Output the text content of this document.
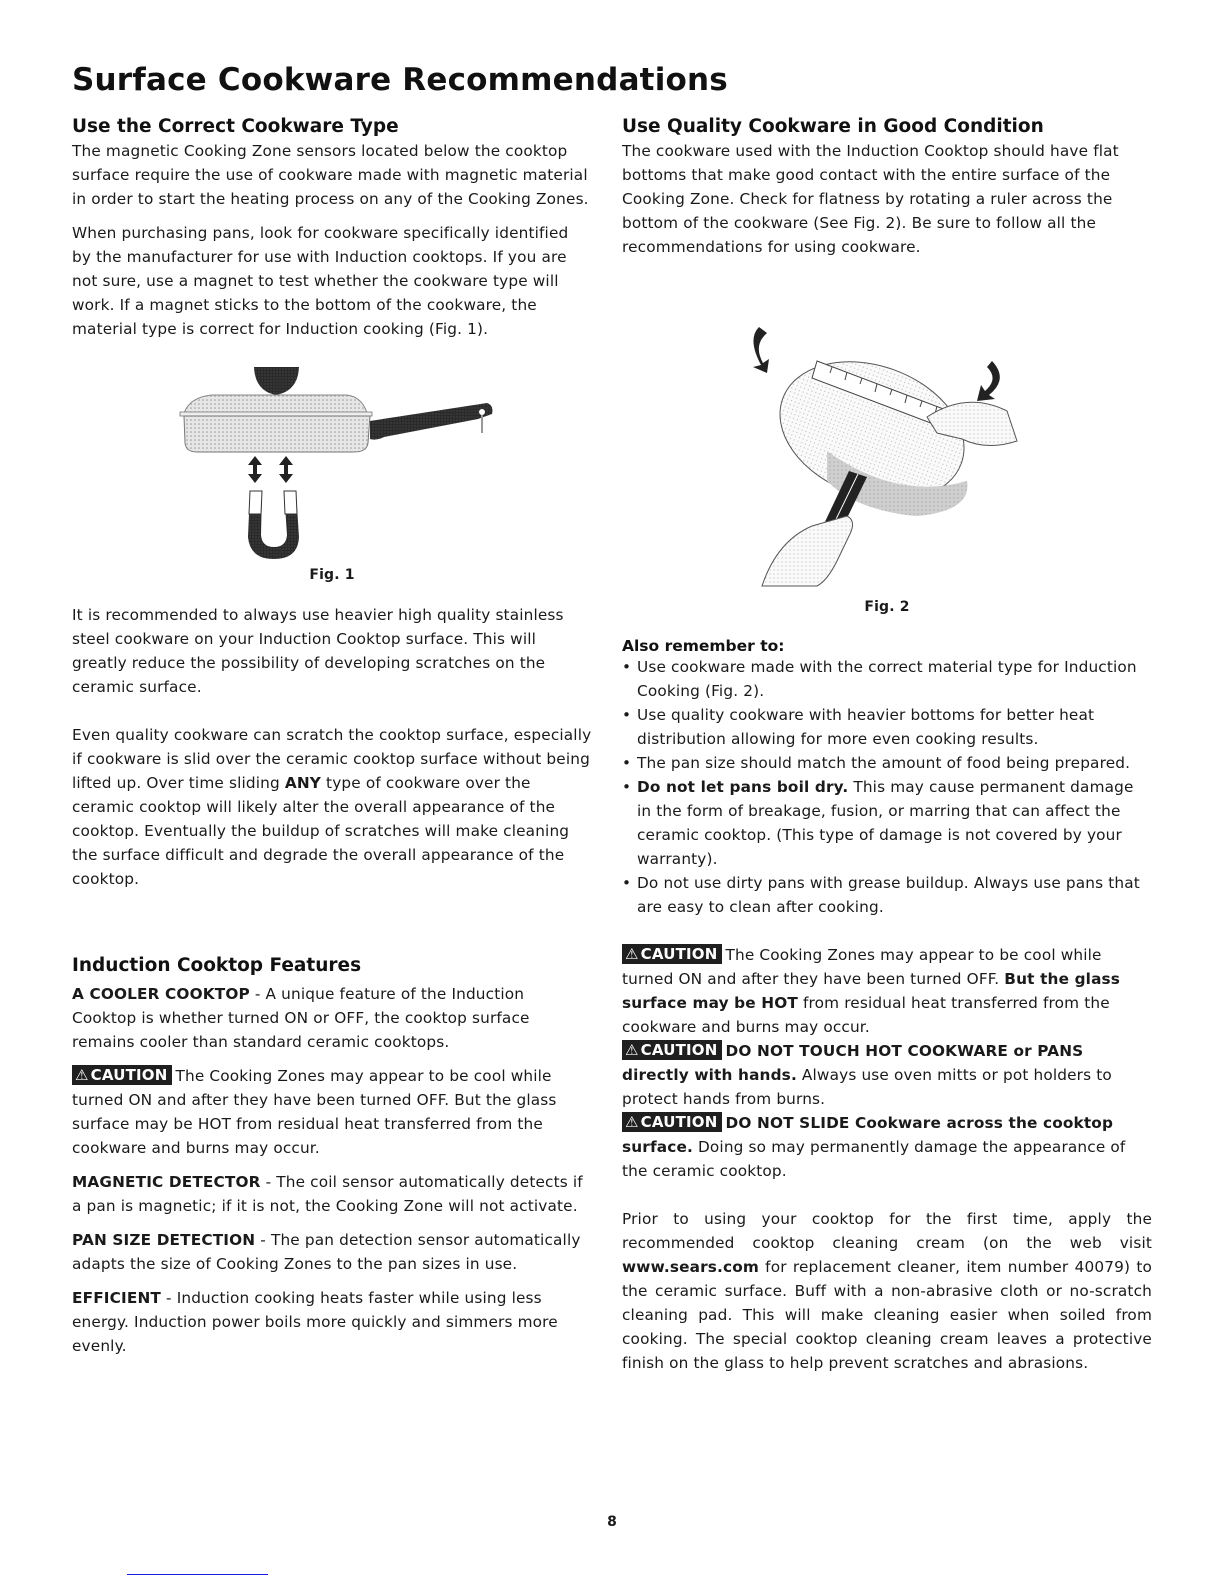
Surface Cookware Recommendations
Use the Correct Cookware Type

The magnetic Cooking Zone sensors located below the cooktop surface require the use of cookware made with magnetic material in order to start the heating process on any of the Cooking Zones.

When purchasing pans, look for cookware specifically identified by the manufacturer for use with Induction cooktops. If you are not sure, use a magnet to test whether the cookware type will work. If a magnet sticks to the bottom of the cookware, the material type is correct for Induction cooking (Fig. 1).

Fig. 1

It is recommended to always use heavier high quality stainless steel cookware on your Induction Cooktop surface. This will greatly reduce the possibility of developing scratches on the ceramic surface.

Even quality cookware can scratch the cooktop surface, especially if cookware is slid over the ceramic cooktop surface without being lifted up. Over time sliding ANY type of cookware over the ceramic cooktop will likely alter the overall appearance of the cooktop. Eventually the buildup of scratches will make cleaning the surface difficult and degrade the overall appearance of the cooktop.

Induction Cooktop Features

A COOLER COOKTOP - A unique feature of the Induction Cooktop is whether turned ON or OFF, the cooktop surface remains cooler than standard ceramic cooktops.

⚠ CAUTION The Cooking Zones may appear to be cool while turned ON and after they have been turned OFF. But the glass surface may be HOT from residual heat transferred from the cookware and burns may occur.

MAGNETIC DETECTOR - The coil sensor automatically detects if a pan is magnetic; if it is not, the Cooking Zone will not activate.

PAN SIZE DETECTION - The pan detection sensor automatically adapts the size of Cooking Zones to the pan sizes in use.

EFFICIENT - Induction cooking heats faster while using less energy. Induction power boils more quickly and simmers more evenly.

Use Quality Cookware in Good Condition

The cookware used with the Induction Cooktop should have flat bottoms that make good contact with the entire surface of the Cooking Zone. Check for flatness by rotating a ruler across the bottom of the cookware (See Fig. 2). Be sure to follow all the recommendations for using cookware.

Fig. 2

Also remember to:
• Use cookware made with the correct material type for Induction Cooking (Fig. 2).
• Use quality cookware with heavier bottoms for better heat distribution allowing for more even cooking results.
• The pan size should match the amount of food being prepared.
• Do not let pans boil dry. This may cause permanent damage in the form of breakage, fusion, or marring that can affect the ceramic cooktop. (This type of damage is not covered by your warranty).
• Do not use dirty pans with grease buildup. Always use pans that are easy to clean after cooking.

⚠ CAUTION The Cooking Zones may appear to be cool while turned ON and after they have been turned OFF. But the glass surface may be HOT from residual heat transferred from the cookware and burns may occur.

⚠ CAUTION DO NOT TOUCH HOT COOKWARE or PANS directly with hands. Always use oven mitts or pot holders to protect hands from burns.

⚠ CAUTION DO NOT SLIDE Cookware across the cooktop surface. Doing so may permanently damage the appearance of the ceramic cooktop.

Prior to using your cooktop for the first time, apply the recommended cooktop cleaning cream (on the web visit www.sears.com for replacement cleaner, item number 40079) to the ceramic surface. Buff with a non-abrasive cloth or no-scratch cleaning pad. This will make cleaning easier when soiled from cooking. The special cooktop cleaning cream leaves a protective finish on the glass to help prevent scratches and abrasions.

8
